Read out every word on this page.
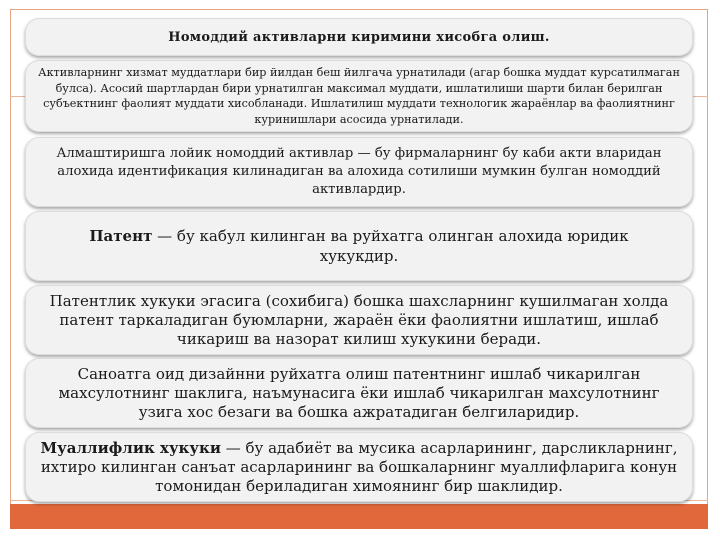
Номоддий активларни киримини хисобга олиш.
Активларнинг хизмат муддатлари бир йилдан беш йилгача урнатилади (агар бошка муддат курсатилмаган булса). Асосий шартлардан бири урнатилган максимал муддати, ишлатилиши шарти билан берилган субъектнинг фаолият муддати хисобланади. Ишлатилиш муддати технологик жараёнлар ва фаолиятнинг куринишлари асосида урнатилади.
Алмаштиришга лойик номоддий активлар — бу фирмаларнинг бу каби акти вларидан алохида идентификация килинадиган ва алохида сотилиши мумкин булган номоддий активлардир.
Патент — бу кабул килинган ва руйхатга олинган алохида юридик хукукдир.
Патентлик хукуки эгасига (сохибига) бошка шахсларнинг кушилмаган холда патент таркаладиган буюмларни, жараён ёки фаолиятни ишлатиш, ишлаб чикариш ва назорат килиш хукукини беради.
Саноатга оид дизайнни руйхатга олиш патентнинг ишлаб чикарилган махсулотнинг шаклига, наъмунасига ёки ишлаб чикарилган махсулотнинг узига хос безаги ва бошка ажратадиган белгиларидир.
Муаллифлик хукуки — бу адабиёт ва мусика асарларининг, дарсликларнинг, ихтиро килинган санъат асарларининг ва бошкаларнинг муаллифларига конун томонидан бериладиган химоянинг бир шаклидир.
